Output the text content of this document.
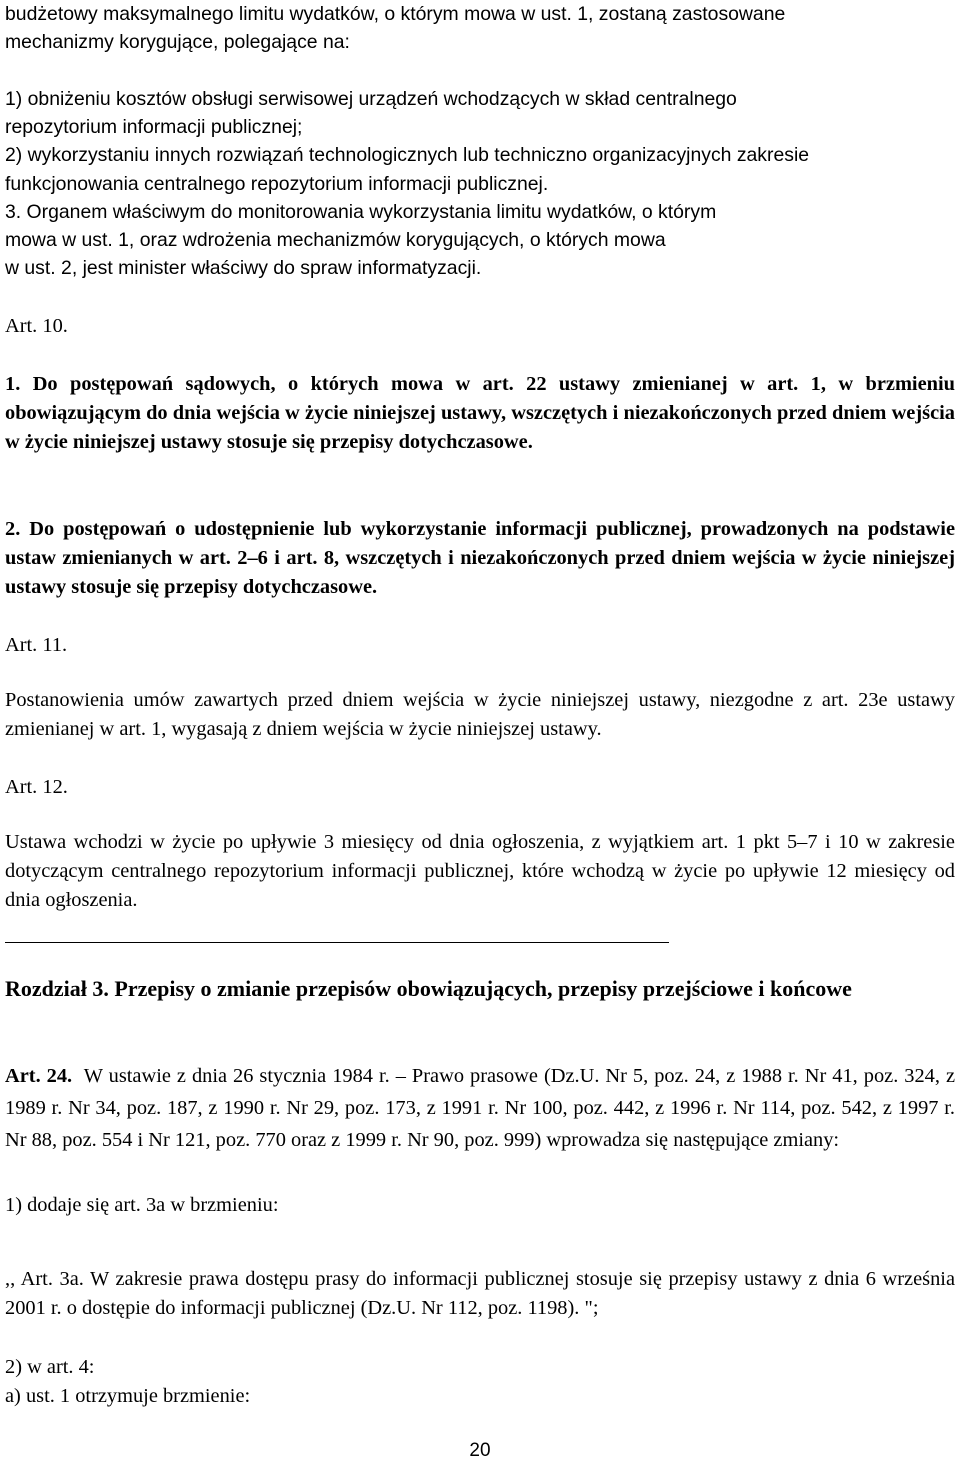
budżetowy maksymalnego limitu wydatków, o którym mowa w ust. 1, zostaną zastosowane
mechanizmy korygujące, polegające na:

1) obniżeniu kosztów obsługi serwisowej urządzeń wchodzących w skład centralnego
repozytorium informacji publicznej;
2) wykorzystaniu innych rozwiązań technologicznych lub techniczno organizacyjnych zakresie
funkcjonowania centralnego repozytorium informacji publicznej.
3. Organem właściwym do monitorowania wykorzystania limitu wydatków, o którym
mowa w ust. 1, oraz wdrożenia mechanizmów korygujących, o których mowa
w ust. 2, jest minister właściwy do spraw informatyzacji.

Art. 10.

1. Do postępowań sądowych, o których mowa w art. 22 ustawy zmienianej w art. 1, w brzmieniu obowiązującym do dnia wejścia w życie niniejszej ustawy, wszczętych i niezakończonych przed dniem wejścia w życie niniejszej ustawy stosuje się przepisy dotychczasowe.

2. Do postępowań o udostępnienie lub wykorzystanie informacji publicznej, prowadzonych na podstawie ustaw zmienianych w art. 2–6 i art. 8, wszczętych i niezakończonych przed dniem wejścia w życie niniejszej ustawy stosuje się przepisy dotychczasowe.

Art. 11.

Postanowienia umów zawartych przed dniem wejścia w życie niniejszej ustawy, niezgodne z art. 23e ustawy zmienianej w art. 1, wygasają z dniem wejścia w życie niniejszej ustawy.

Art. 12.

Ustawa wchodzi w życie po upływie 3 miesięcy od dnia ogłoszenia, z wyjątkiem art. 1 pkt 5–7 i 10 w zakresie dotyczącym centralnego repozytorium informacji publicznej, które wchodzą w życie po upływie 12 miesięcy od dnia ogłoszenia.

Rozdział 3. Przepisy o zmianie przepisów obowiązujących, przepisy przejściowe i końcowe
Art. 24. W ustawie z dnia 26 stycznia 1984 r. – Prawo prasowe (Dz.U. Nr 5, poz. 24, z 1988 r. Nr 41, poz. 324, z 1989 r. Nr 34, poz. 187, z 1990 r. Nr 29, poz. 173, z 1991 r. Nr 100, poz. 442, z 1996 r. Nr 114, poz. 542, z 1997 r. Nr 88, poz. 554 i Nr 121, poz. 770 oraz z 1999 r. Nr 90, poz. 999) wprowadza się następujące zmiany:
1) dodaje się art. 3a w brzmieniu:

,, Art. 3a. W zakresie prawa dostępu prasy do informacji publicznej stosuje się przepisy ustawy z dnia 6 września 2001 r. o dostępie do informacji publicznej (Dz.U. Nr 112, poz. 1198). ";

2) w art. 4:
a) ust. 1 otrzymuje brzmienie:
20
